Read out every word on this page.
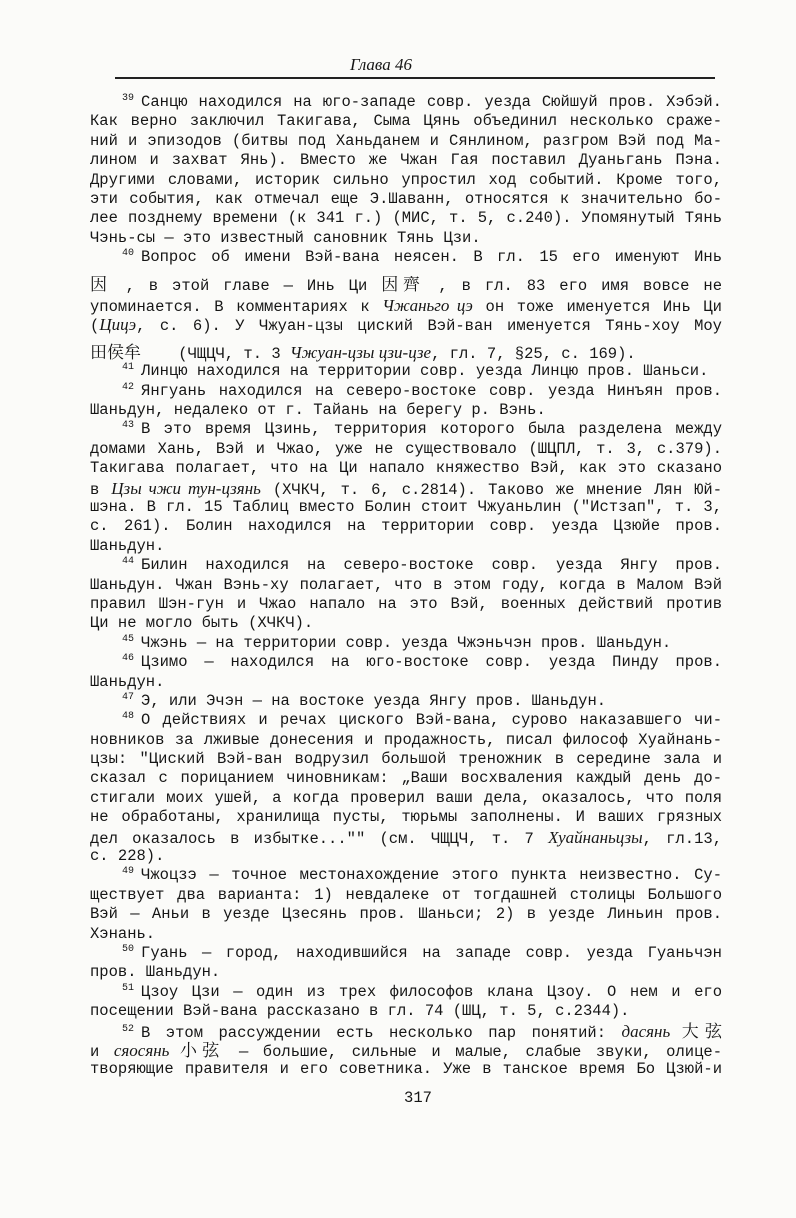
Глава 46
$^{39}$ Санцю находился на юго-западе совр. уезда Сюйшуй пров. Хэбэй.
Как верно заключил Такигава, Сыма Цянь объединил несколько сраже-
ний и эпизодов (битвы под Ханьданем и Сянлином, разгром Вэй под Ма-
лином и захват Янь). Вместо же Чжан Гая поставил Дуаньгань Пэна.
Другими словами, историк сильно упростил ход событий. Кроме того,
эти события, как отмечал еще Э.Шаванн, относятся к значительно бо-
лее позднему времени (к 341 г.) (МИС, т. 5, с.240). Упомянутый Тянь
Чэнь-сы — это известный сановник Тянь Цзи.
$^{40}$ Вопрос об имени Вэй-вана неясен. В гл. 15 его именуют Инь
因 , в этой главе — Инь Ци 因齊 , в гл. 83 его имя вовсе не
упоминается. В комментариях к Чжаньго цэ он тоже именуется Инь Ци
(Цицэ, с. 6). У Чжуан-цзы циский Вэй-ван именуется Тянь-хоу Моу
田侯牟 (ЧЩЦЧ, т. 3 Чжуан-цзы цзи-цзе, гл. 7, §25, с. 169).
$^{41}$ Линцю находился на территории совр. уезда Линцю пров. Шаньси.
$^{42}$ Янгуань находился на северо-востоке совр. уезда Нинъян пров.
Шаньдун, недалеко от г. Тайань на берегу р. Вэнь.
$^{43}$ В это время Цзинь, территория которого была разделена между
домами Хань, Вэй и Чжао, уже не существовало (ШЦПЛ, т. 3, с.379).
Такигава полагает, что на Ци напало княжество Вэй, как это сказано
в Цзы чжи тун-цзянь (ХЧКЧ, т. 6, с.2814). Таково же мнение Лян Юй-
шэна. В гл. 15 Таблиц вместо Болин стоит Чжуаньлин ("Истзап", т. 3,
с. 261). Болин находился на территории совр. уезда Цзюйе пров.
Шаньдун.
$^{44}$ Билин находился на северо-востоке совр. уезда Янгу пров.
Шаньдун. Чжан Вэнь-ху полагает, что в этом году, когда в Малом Вэй
правил Шэн-гун и Чжао напало на это Вэй, военных действий против
Ци не могло быть (ХЧКЧ).
$^{45}$ Чжэнь — на территории совр. уезда Чжэньчэн пров. Шаньдун.
$^{46}$ Цзимо — находился на юго-востоке совр. уезда Пинду пров.
Шаньдун.
$^{47}$ Э, или Эчэн — на востоке уезда Янгу пров. Шаньдун.
$^{48}$ О действиях и речах циского Вэй-вана, сурово наказавшего чи-
новников за лживые донесения и продажность, писал философ Хуайнань-
цзы: "Циский Вэй-ван водрузил большой треножник в середине зала и
сказал с порицанием чиновникам: „Ваши восхваления каждый день до-
стигали моих ушей, а когда проверил ваши дела, оказалось, что поля
не обработаны, хранилища пусты, тюрьмы заполнены. И ваших грязных
дел оказалось в избытке..."" (см. ЧЩЦЧ, т. 7 Хуайнаньцзы, гл.13,
с. 228).
$^{49}$ Чжоцзэ — точное местонахождение этого пункта неизвестно. Су-
ществует два варианта: 1) невдалеке от тогдашней столицы Большого
Вэй — Аньи в уезде Цзесянь пров. Шаньси; 2) в уезде Линьин пров.
Хэнань.
$^{50}$ Гуань — город, находившийся на западе совр. уезда Гуаньчэн
пров. Шаньдун.
$^{51}$ Цзоу Цзи — один из трех философов клана Цзоу. О нем и его
посещении Вэй-вана рассказано в гл. 74 (ШЦ, т. 5, с.2344).
$^{52}$ В этом рассуждении есть несколько пар понятий: дасянь 大弦
и сяосянь 小弦 — большие, сильные и малые, слабые звуки, олице-
творяющие правителя и его советника. Уже в танское время Бо Цзюй-и
317
